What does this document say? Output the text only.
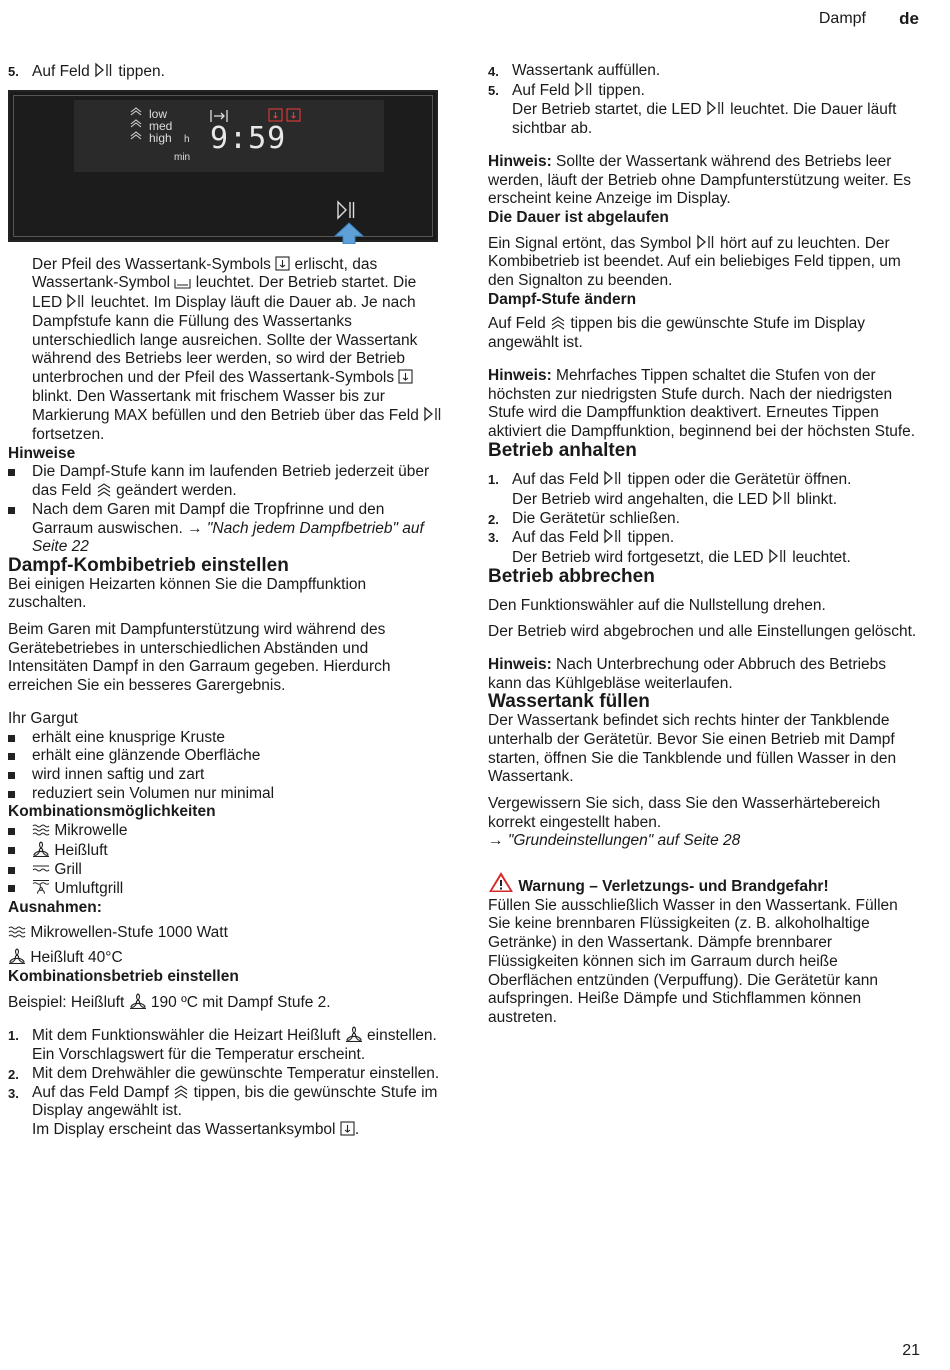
Dampf de
5. Auf Feld tippen.
low
med
high h
min
9:59

Der Pfeil des Wassertank-Symbols erlischt, das Wassertank-Symbol leuchtet. Der Betrieb startet. Die LED leuchtet. Im Display läuft die Dauer ab. Je nach Dampfstufe kann die Füllung des Wassertanks unterschiedlich lange ausreichen. Sollte der Wassertank während des Betriebs leer werden, so wird der Betrieb unterbrochen und der Pfeil des Wassertank-Symbols  blinkt. Den Wassertank mit frischem Wasser bis zur Markierung MAX befüllen und den Betrieb über das Feld  fortsetzen.

Hinweise
Die Dampf-Stufe kann im laufenden Betrieb jederzeit über das Feld geändert werden.
Nach dem Garen mit Dampf die Tropfrinne und den Garraum auswischen. → "Nach jedem Dampfbetrieb" auf Seite 22
Dampf-Kombibetrieb einstellen

Bei einigen Heizarten können Sie die Dampffunktion zuschalten.

Beim Garen mit Dampfunterstützung wird während des Gerätebetriebes in unterschiedlichen Abständen und Intensitäten Dampf in den Garraum gegeben. Hierdurch erreichen Sie ein besseres Garergebnis.

Ihr Gargut

erhält eine knusprige Kruste
erhält eine glänzende Oberfläche
wird innen saftig und zart
reduziert sein Volumen nur minimal
Kombinationsmöglichkeiten
Mikrowelle
Heißluft
Grill
Umluftgrill
Ausnahmen:

Mikrowellen-Stufe 1000 Watt

Heißluft 40°C

Kombinationsbetrieb einstellen

Beispiel: Heißluft 190 ºC mit Dampf Stufe 2.

1. Mit dem Funktionswähler die Heizart Heißluft einstellen.
Ein Vorschlagswert für die Temperatur erscheint.
2. Mit dem Drehwähler die gewünschte Temperatur einstellen.
3. Auf das Feld Dampf tippen, bis die gewünschte Stufe im Display angewählt ist.
Im Display erscheint das Wassertanksymbol .
4. Wassertank auffüllen.
5. Auf Feld tippen.
Der Betrieb startet, die LED leuchtet. Die Dauer läuft sichtbar ab.

Hinweis: Sollte der Wassertank während des Betriebs leer werden, läuft der Betrieb ohne Dampfunterstützung weiter. Es erscheint keine Anzeige im Display.

Die Dauer ist abgelaufen

Ein Signal ertönt, das Symbol hört auf zu leuchten. Der Kombibetrieb ist beendet. Auf ein beliebiges Feld tippen, um den Signalton zu beenden.

Dampf-Stufe ändern

Auf Feld tippen bis die gewünschte Stufe im Display angewählt ist.

Hinweis: Mehrfaches Tippen schaltet die Stufen von der höchsten zur niedrigsten Stufe durch. Nach der niedrigsten Stufe wird die Dampffunktion deaktivert. Erneutes Tippen aktiviert die Dampffunktion, beginnend bei der höchsten Stufe.

Betrieb anhalten
1. Auf das Feld tippen oder die Gerätetür öffnen.
Der Betrieb wird angehalten, die LED blinkt.
2. Die Gerätetür schließen.
3. Auf das Feld tippen.
Der Betrieb wird fortgesetzt, die LED leuchtet.
Betrieb abbrechen

Den Funktionswähler auf die Nullstellung drehen.

Der Betrieb wird abgebrochen und alle Einstellungen gelöscht.

Hinweis: Nach Unterbrechung oder Abbruch des Betriebs kann das Kühlgebläse weiterlaufen.

Wassertank füllen

Der Wassertank befindet sich rechts hinter der Tankblende unterhalb der Gerätetür. Bevor Sie einen Betrieb mit Dampf starten, öffnen Sie die Tankblende und füllen Wasser in den Wassertank.

Vergewissern Sie sich, dass Sie den Wasserhärtebereich korrekt eingestellt haben.

→ "Grundeinstellungen" auf Seite 28

Warnung – Verletzungs- und Brandgefahr!

Füllen Sie ausschließlich Wasser in den Wassertank. Füllen Sie keine brennbaren Flüssigkeiten (z. B. alkoholhaltige Getränke) in den Wassertank. Dämpfe brennbarer Flüssigkeiten können sich im Garraum durch heiße Oberflächen entzünden (Verpuffung). Die Gerätetür kann aufspringen. Heiße Dämpfe und Stichflammen können austreten.

21
